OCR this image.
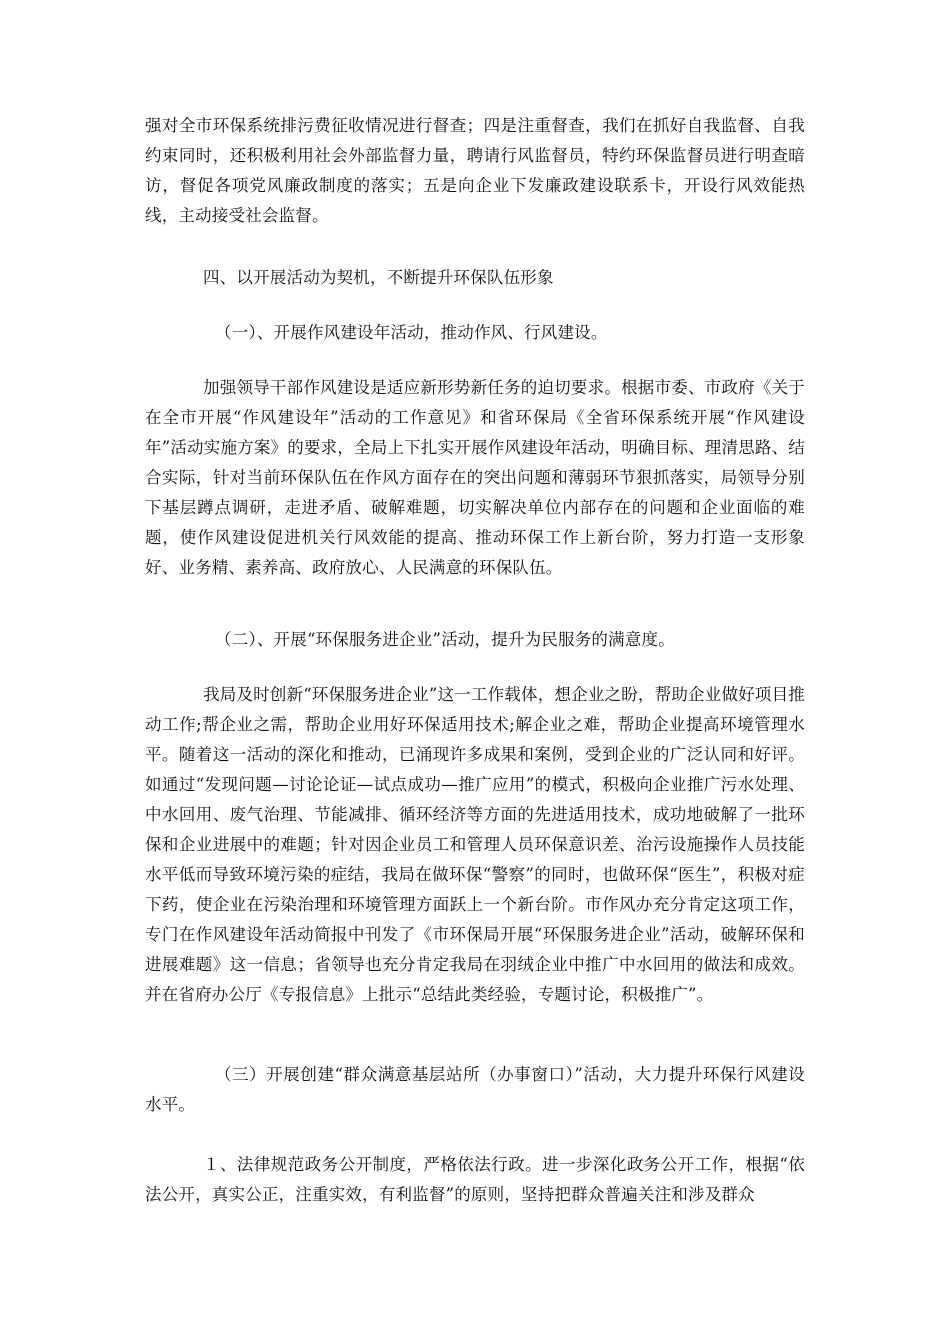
强对全市环保系统排污费征收情况进行督查；四是注重督查，我们在抓好自我监督、自我约束同时，还积极利用社会外部监督力量，聘请行风监督员，特约环保监督员进行明查暗访，督促各项党风廉政制度的落实；五是向企业下发廉政建设联系卡，开设行风效能热线，主动接受社会监督。

四、以开展活动为契机，不断提升环保队伍形象

（一）、开展作风建设年活动，推动作风、行风建设。

加强领导干部作风建设是适应新形势新任务的迫切要求。根据市委、市政府《关于在全市开展“作风建设年”活动的工作意见》和省环保局《全省环保系统开展“作风建设年”活动实施方案》的要求，全局上下扎实开展作风建设年活动，明确目标、理清思路、结合实际，针对当前环保队伍在作风方面存在的突出问题和薄弱环节狠抓落实，局领导分别下基层蹲点调研，走进矛盾、破解难题，切实解决单位内部存在的问题和企业面临的难题，使作风建设促进机关行风效能的提高、推动环保工作上新台阶，努力打造一支形象好、业务精、素养高、政府放心、人民满意的环保队伍。

（二）、开展“环保服务进企业”活动，提升为民服务的满意度。

我局及时创新“环保服务进企业”这一工作载体，想企业之盼，帮助企业做好项目推动工作;帮企业之需，帮助企业用好环保适用技术;解企业之难，帮助企业提高环境管理水平。随着这一活动的深化和推动，已涌现许多成果和案例，受到企业的广泛认同和好评。如通过“发现问题—讨论论证—试点成功—推广应用”的模式，积极向企业推广污水处理、中水回用、废气治理、节能减排、循环经济等方面的先进适用技术，成功地破解了一批环保和企业进展中的难题；针对因企业员工和管理人员环保意识差、治污设施操作人员技能水平低而导致环境污染的症结，我局在做环保“警察”的同时，也做环保“医生”，积极对症下药，使企业在污染治理和环境管理方面跃上一个新台阶。市作风办充分肯定这项工作，专门在作风建设年活动简报中刊发了《市环保局开展“环保服务进企业”活动，破解环保和进展难题》这一信息；省领导也充分肯定我局在羽绒企业中推广中水回用的做法和成效。并在省府办公厅《专报信息》上批示“总结此类经验，专题讨论，积极推广”。

（三）开展创建“群众满意基层站所（办事窗口）”活动，大力提升环保行风建设水平。

１、法律规范政务公开制度，严格依法行政。进一步深化政务公开工作，根据“依法公开，真实公正，注重实效，有利监督”的原则，坚持把群众普遍关注和涉及群众
